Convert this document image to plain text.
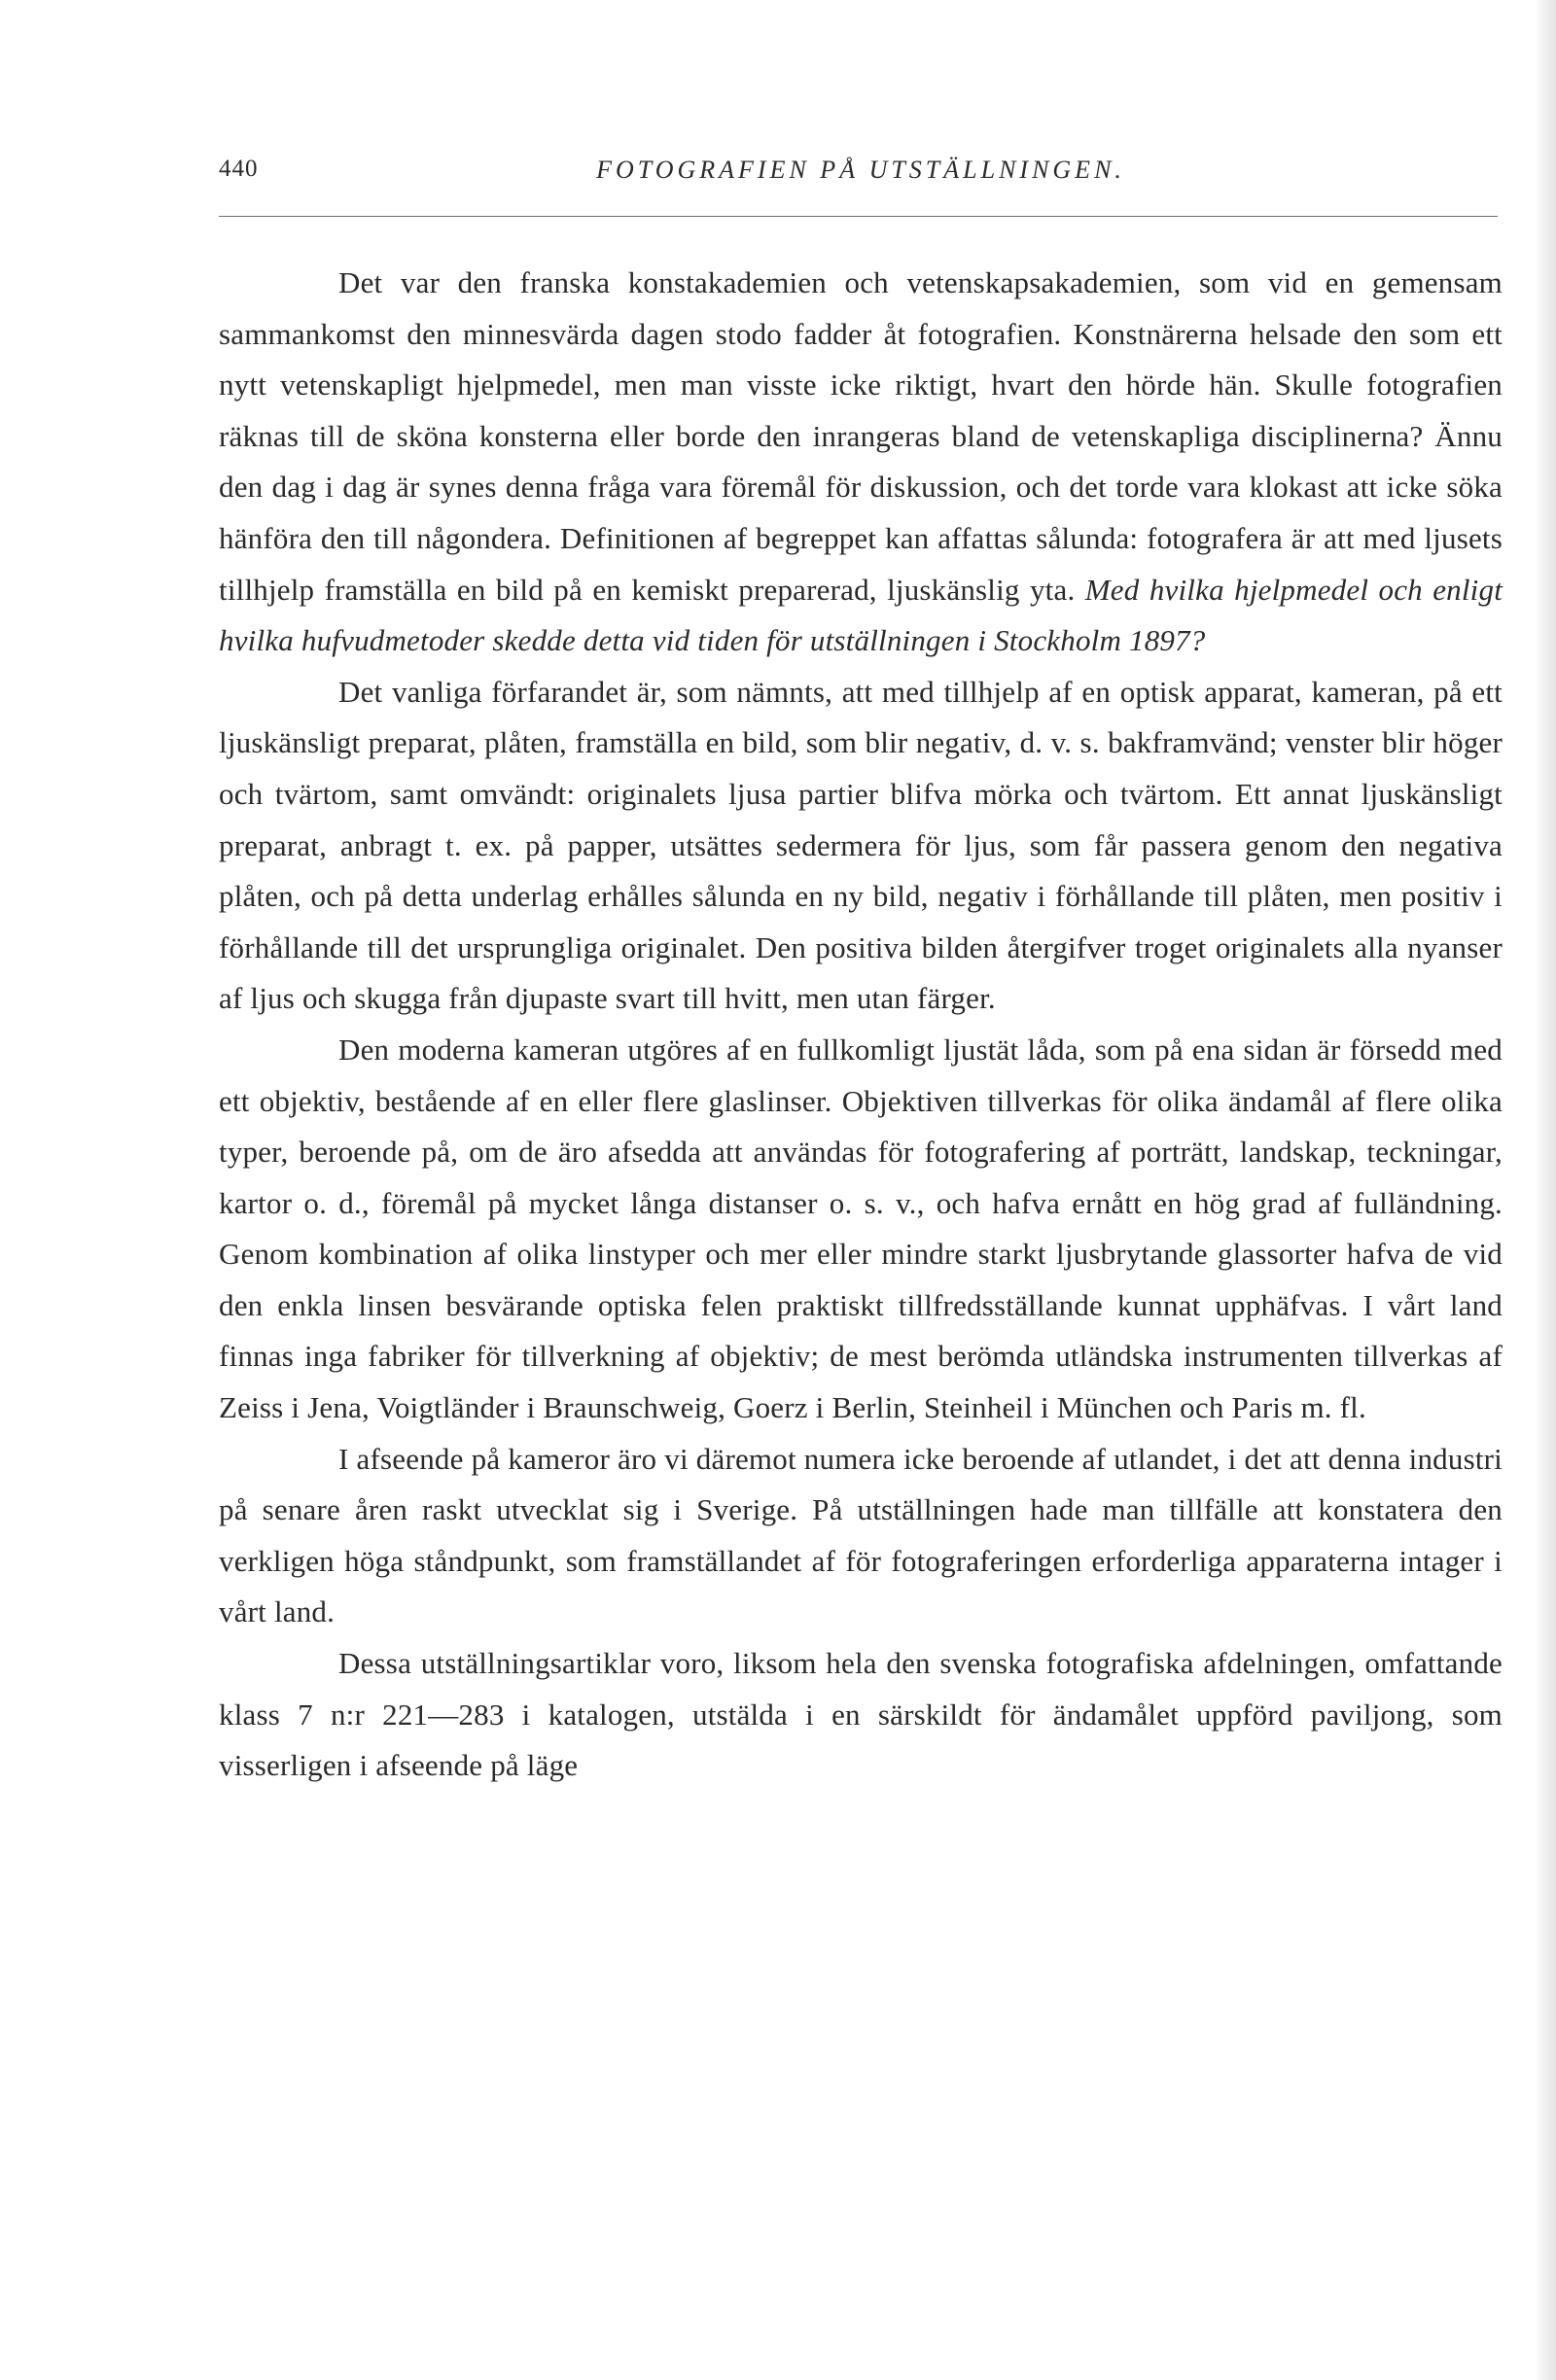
FOTOGRAFIEN PÅ UTSTÄLLNINGEN.
440

Det var den franska konstakademien och vetenskapsakademien, som vid en gemensam sammankomst den minnesvärda dagen stodo fadder åt fotografien. Konstnärerna helsade den som ett nytt vetenskapligt hjelpmedel, men man visste icke riktigt, hvart den hörde hän. Skulle fotografien räknas till de sköna konsterna eller borde den inrangeras bland de vetenskapliga disciplinerna? Ännu den dag i dag är synes denna fråga vara föremål för diskussion, och det torde vara klokast att icke söka hänföra den till någondera. Definitionen af begreppet kan affattas sålunda: fotografera är att med ljusets tillhjelp framställa en bild på en kemiskt preparerad, ljuskänslig yta. Med hvilka hjelpmedel och enligt hvilka hufvudmetoder skedde detta vid tiden för utställningen i Stockholm 1897?

Det vanliga förfarandet är, som nämnts, att med tillhjelp af en optisk apparat, kameran, på ett ljuskänsligt preparat, plåten, framställa en bild, som blir negativ, d. v. s. bakframvänd; venster blir höger och tvärtom, samt omvändt: originalets ljusa partier blifva mörka och tvärtom. Ett annat ljuskänsligt preparat, anbragt t. ex. på papper, utsättes sedermera för ljus, som får passera genom den negativa plåten, och på detta underlag erhålles sålunda en ny bild, negativ i förhållande till plåten, men positiv i förhållande till det ursprungliga originalet. Den positiva bilden återgifver troget originalets alla nyanser af ljus och skugga från djupaste svart till hvitt, men utan färger.

Den moderna kameran utgöres af en fullkomligt ljustät låda, som på ena sidan är försedd med ett objektiv, bestående af en eller flere glaslinser. Objektiven tillverkas för olika ändamål af flere olika typer, beroende på, om de äro afsedda att användas för fotografering af porträtt, landskap, teckningar, kartor o. d., föremål på mycket långa distanser o. s. v., och hafva ernått en hög grad af fulländning. Genom kombination af olika linstyper och mer eller mindre starkt ljusbrytande glassorter hafva de vid den enkla linsen besvärande optiska felen praktiskt tillfredsställande kunnat upphäfvas. I vårt land finnas inga fabriker för tillverkning af objektiv; de mest berömda utländska instrumenten tillverkas af Zeiss i Jena, Voigtländer i Braunschweig, Goerz i Berlin, Steinheil i München och Paris m. fl.

I afseende på kameror äro vi däremot numera icke beroende af utlandet, i det att denna industri på senare åren raskt utvecklat sig i Sverige. På utställningen hade man tillfälle att konstatera den verkligen höga ståndpunkt, som framställandet af för fotograferingen erforderliga apparaterna intager i vårt land.

Dessa utställningsartiklar voro, liksom hela den svenska fotografiska afdelningen, omfattande klass 7 n:r 221—283 i katalogen, utstälda i en särskildt för ändamålet uppförd paviljong, som visserligen i afseende på läge
